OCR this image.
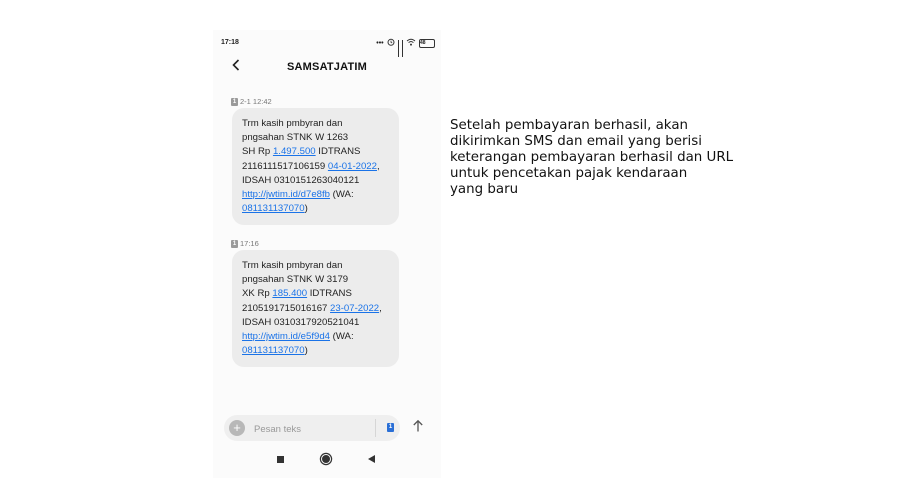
17:18	•••	48
SAMSATJATIM
1 2-1 12:42
Trm kasih pmbyran dan
pngsahan STNK W 1263
SH Rp 1.497.500 IDTRANS
2116111517106159 04-01-2022,
IDSAH 0310151263040121
http://jwtim.id/d7e8fb (WA:
081131137070)
1 17:16
Trm kasih pmbyran dan
pngsahan STNK W 3179
XK Rp 185.400 IDTRANS
2105191715016167 23-07-2022,
IDSAH 0310317920521041
http://jwtim.id/e5f9d4 (WA:
081131137070)
+
Pesan teks	1
Setelah pembayaran berhasil, akan
dikirimkan SMS dan email yang berisi
keterangan pembayaran berhasil dan URL
untuk pencetakan pajak kendaraan
yang baru
